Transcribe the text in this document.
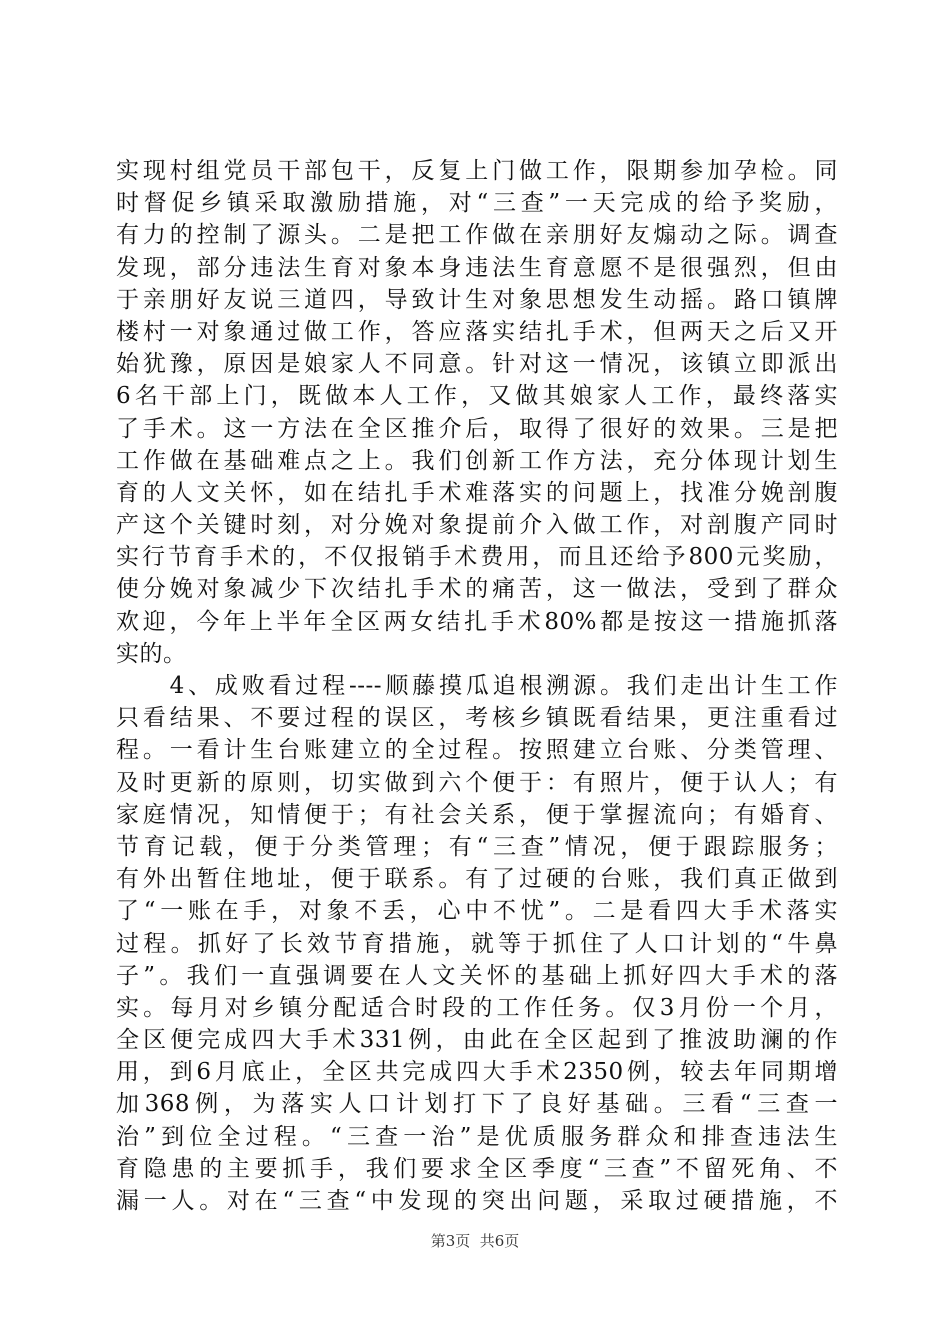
实现村组党员干部包干，反复上门做工作，限期参加孕检。同
时督促乡镇采取激励措施，对“三查”一天完成的给予奖励，
有力的控制了源头。二是把工作做在亲朋好友煽动之际。调查
发现，部分违法生育对象本身违法生育意愿不是很强烈，但由
于亲朋好友说三道四，导致计生对象思想发生动摇。路口镇牌
楼村一对象通过做工作，答应落实结扎手术，但两天之后又开
始犹豫，原因是娘家人不同意。针对这一情况，该镇立即派出
6名干部上门，既做本人工作，又做其娘家人工作，最终落实
了手术。这一方法在全区推介后，取得了很好的效果。三是把
工作做在基础难点之上。我们创新工作方法，充分体现计划生
育的人文关怀，如在结扎手术难落实的问题上，找准分娩剖腹
产这个关键时刻，对分娩对象提前介入做工作，对剖腹产同时
实行节育手术的，不仅报销手术费用，而且还给予800元奖励，
使分娩对象减少下次结扎手术的痛苦，这一做法，受到了群众
欢迎，今年上半年全区两女结扎手术80%都是按这一措施抓落
实的。
　　4、成败看过程----顺藤摸瓜追根溯源。我们走出计生工作
只看结果、不要过程的误区，考核乡镇既看结果，更注重看过
程。一看计生台账建立的全过程。按照建立台账、分类管理、
及时更新的原则，切实做到六个便于：有照片，便于认人；有
家庭情况，知情便于；有社会关系，便于掌握流向；有婚育、
节育记载，便于分类管理；有“三查”情况，便于跟踪服务；
有外出暂住地址，便于联系。有了过硬的台账，我们真正做到
了“一账在手，对象不丢，心中不忧”。二是看四大手术落实
过程。抓好了长效节育措施，就等于抓住了人口计划的“牛鼻
子”。我们一直强调要在人文关怀的基础上抓好四大手术的落
实。每月对乡镇分配适合时段的工作任务。仅3月份一个月，
全区便完成四大手术331例，由此在全区起到了推波助澜的作
用，到6月底止，全区共完成四大手术2350例，较去年同期增
加368例，为落实人口计划打下了良好基础。三看“三查一
治”到位全过程。“三查一治”是优质服务群众和排查违法生
育隐患的主要抓手，我们要求全区季度“三查”不留死角、不
漏一人。对在“三查“中发现的突出问题，采取过硬措施，不
第3页  共6页
